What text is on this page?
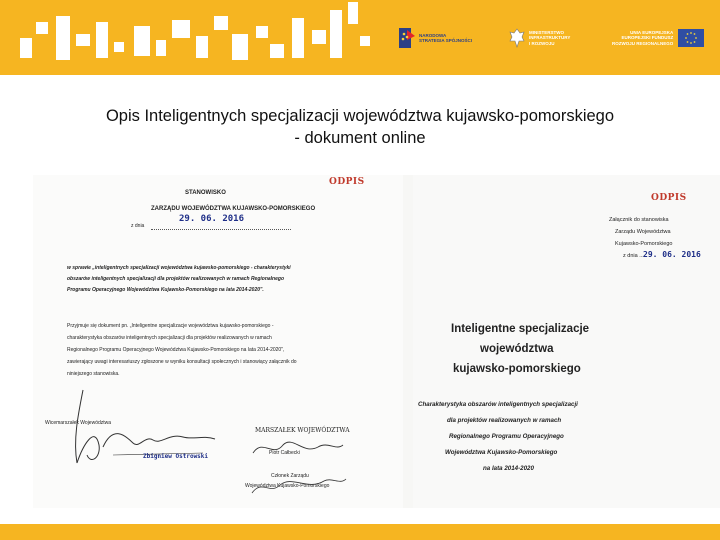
NARODOWA
STRATEGIA SPÓJNOŚCI
MINISTERSTWO
INFRASTRUKTURY
I ROZWOJU
UNIA EUROPEJSKA
EUROPEJSKI FUNDUSZ
ROZWOJU REGIONALNEGO
Opis Inteligentnych specjalizacji województwa kujawsko-pomorskiego
- dokument online
ODPIS
STANOWISKO
ZARZĄDU WOJEWÓDZTWA KUJAWSKO-POMORSKIEGO
29. 06. 2016
z dnia
w sprawie „inteligentnych specjalizacji województwa kujawsko-pomorskiego - charakterystyki
obszarów inteligentnych specjalizacji dla projektów realizowanych w ramach Regionalnego
Programu Operacyjnego Województwa Kujawsko-Pomorskiego na lata 2014-2020".
Przyjmuje się dokument pn. „Inteligentne specjalizacje województwa kujawsko-pomorskiego -
charakterystyka obszarów inteligentnych specjalizacji dla projektów realizowanych w ramach
Regionalnego Programu Operacyjnego Województwa Kujawsko-Pomorskiego na lata 2014-2020",
zawierający uwagi interesariuszy zgłoszone w wyniku konsultacji społecznych i stanowiący załącznik do
niniejszego stanowiska.
Wicemarszałek Województwa
Zbigniew Ostrowski
MARSZAŁEK WOJEWÓDZTWA
Piotr Całbecki
Członek Zarządu
Województwa Kujawsko-Pomorskiego
ODPIS
Załącznik do stanowiska
Zarządu Województwa
Kujawsko-Pomorskiego
z dnia ... 29. 06. 2016
Inteligentne specjalizacje
województwa
kujawsko-pomorskiego
Charakterystyka obszarów inteligentnych specjalizacji
dla projektów realizowanych w ramach
Regionalnego Programu Operacyjnego
Województwa Kujawsko-Pomorskiego
na lata 2014-2020
